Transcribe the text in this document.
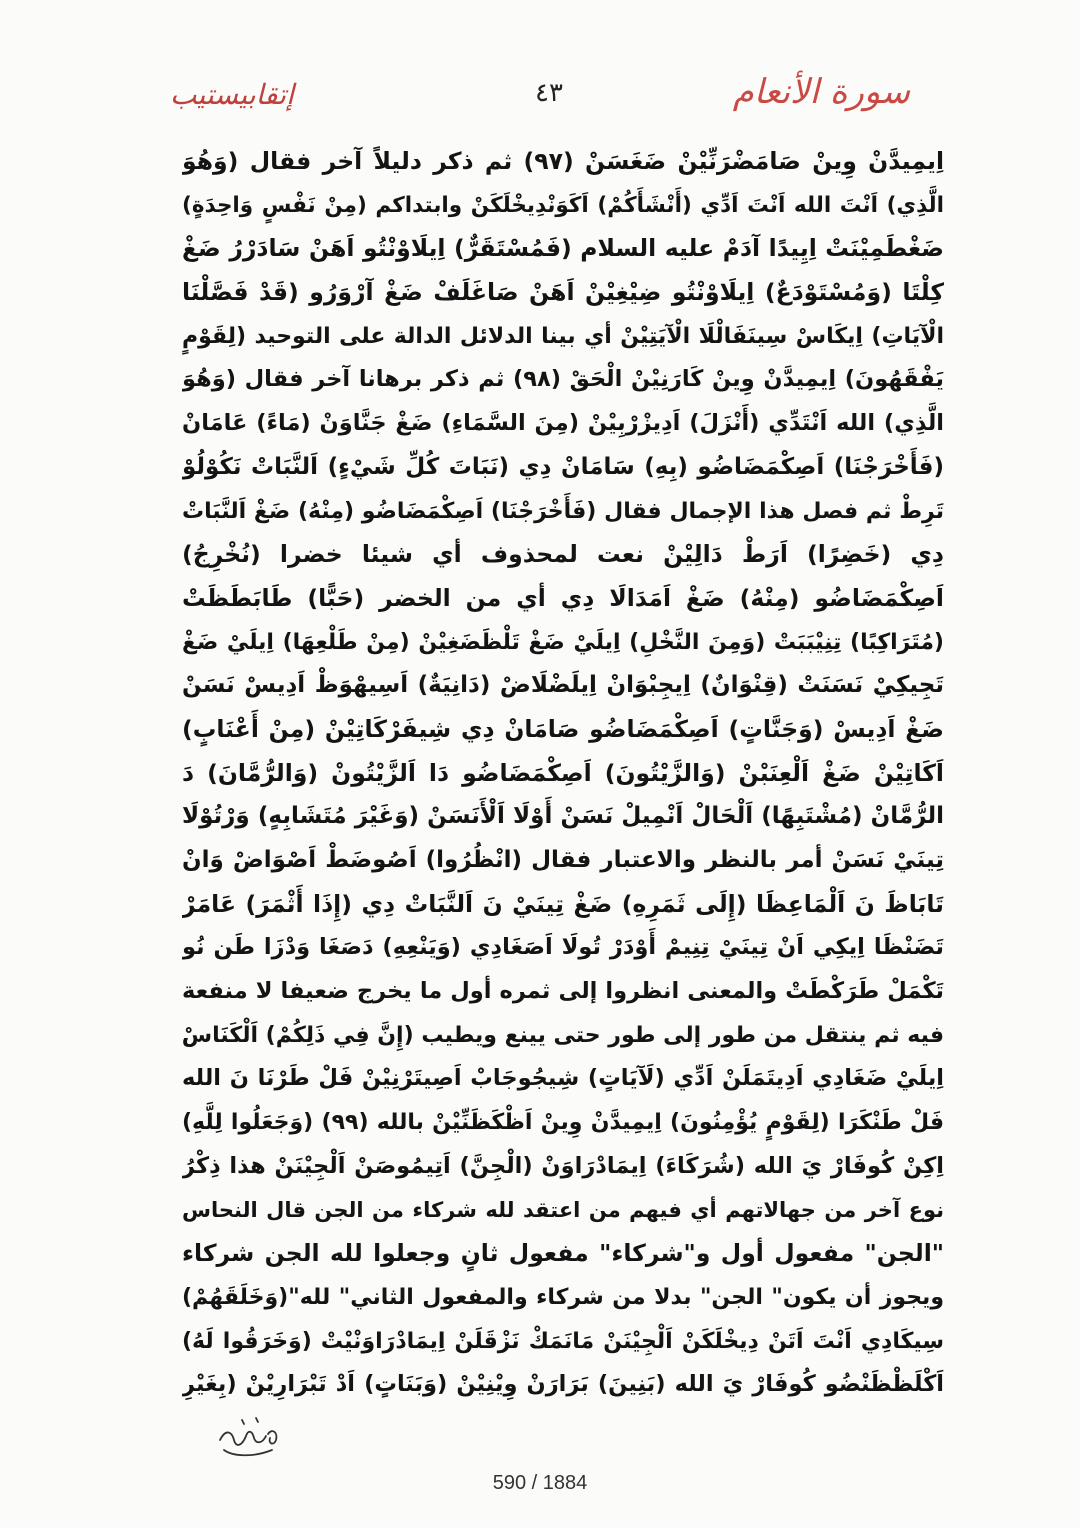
إتقابيستيب	٤٣	سورة الأنعام
اِيمِيدَّنْ وِينْ صَامَضْرَنِّيْنْ ضَغَسَنْ (٩٧) ثم ذكر دليلاً آخر فقال (وَهُوَ
الَّذِي) اَنْتَ الله اَنْتَ اَدِّي (أَنْشَأَكُمْ) اَكَوَنْدِيخْلَكَنْ وابتداكم (مِنْ نَفْسٍ وَاحِدَةٍ)
ضَغْطَمِيْنَتْ اِيِيدًا آدَمْ عليه السلام (فَمُسْتَقَرٌّ) اِيلَاوْنْتُو اَهَنْ سَادَرْرُ ضَغْ
كِلْتَا (وَمُسْتَوْدَعٌ) اِيلَاوْنْتُو ضِيْغِيْنْ اَهَنْ صَاغَلَفْ ضَغْ آرْوَرُو (قَدْ فَصَّلْنَا
الْآيَاتِ) اِيكَاسْ سِينَفَالْلَا الْآيَتِيْنْ أي بينا الدلائل الدالة على التوحيد (لِقَوْمٍ
يَفْقَهُونَ) اِيمِيدَّنْ وِينْ كَارَنِيْنْ الْحَقْ (٩٨) ثم ذكر برهانا آخر فقال (وَهُوَ
الَّذِي) الله اَنْتَدِّي (أَنْزَلَ) اَدِيزْرْبِيْنْ (مِنَ السَّمَاءِ) ضَغْ جَنَّاوَنْ (مَاءً) عَامَانْ
(فَأَخْرَجْنَا) اَصِكْمَضَاضُو (بِهِ) سَامَانْ دِي (نَبَاتَ كُلِّ شَيْءٍ) اَلنَّبَاتْ نَكُوْلُوْ
تَرِطْ ثم فصل هذا الإجمال فقال (فَأَخْرَجْنَا) اَصِكْمَضَاضُو (مِنْهُ) ضَغْ اَلنَّبَاتْ
دِي (خَضِرًا) اَرَطْ دَالِيْنْ نعت لمحذوف أي شيئا خضرا (نُخْرِجُ)
اَصِكْمَضَاضُو (مِنْهُ) ضَغْ اَمَدَالَا دِي أي من الخضر (حَبًّا) طَابَطَظَتْ
(مُتَرَاكِبًا) تِنِيْبَبَتْ (وَمِنَ النَّخْلِ) اِيلَيْ ضَغْ تَلْظَضَغِيْنْ (مِنْ طَلْعِهَا) اِيلَيْ ضَغْ
تَجِيكِيْ نَسَنَتْ (قِنْوَانٌ) اِيجِبْوَانْ اِيلَضْلَاضْ (دَانِيَةٌ) اَسِيهْوَظْ اَدِيسْ نَسَنْ
ضَغْ اَدِيسْ (وَجَنَّاتٍ) اَصِكْمَضَاضُو صَامَانْ دِي شِيفَرْكَاتِيْنْ (مِنْ أَعْنَابٍ)
اَكَاتِيْنْ ضَغْ اَلْعِنَبْنْ (وَالزَّيْتُونَ) اَصِكْمَضَاضُو دَا اَلزَّيْتُونْ (وَالرُّمَّانَ) دَ
الرُّمَّانْ (مُشْتَبِهًا) اَلْحَالْ اَنْمِيلْ نَسَنْ أَوْلَا اَلْأَنَسَنْ (وَغَيْرَ مُتَشَابِهٍ) وَرْتُوْلَا
تِينَيْ نَسَنْ أمر بالنظر والاعتبار فقال (انْظُرُوا) اَصُوضَطْ اَصْوَاضْ وَانْ
تَابَاظَ نَ اَلْمَاعِظَا (إِلَى ثَمَرِهِ) ضَغْ تِينَيْ نَ اَلنَّبَاتْ دِي (إِذَا أَثْمَرَ) عَامَرْ
تَضَنْظَا اِيكِي اَنْ تِينَيْ تِنِيمْ أَوْدَرْ تُولَا اَصَغَادِي (وَيَنْعِهِ) دَصَغَا وَدْزَا طَن نُو
تَكْمَلْ طَرَكْطَتْ والمعنى انظروا إلى ثمره أول ما يخرج ضعيفا لا منفعة
فيه ثم ينتقل من طور إلى طور حتى يينع ويطيب (إِنَّ فِي ذَلِكُمْ) اَلْكَنَاسْ
اِيلَيْ ضَغَادِي اَدِيتَمَلَنْ اَدِّي (لَآيَاتٍ) شِيجُوجَابْ اَصِيتَرْنِيْنْ فَلْ طَرْنَا نَ الله
فَلْ طَنْكَرَا (لِقَوْمٍ يُؤْمِنُونَ) اِيمِيدَّنْ وِينْ اَظْكَظَنِّيْنْ بالله (٩٩) (وَجَعَلُوا لِلَّهِ)
اِكِنْ كُوفَارْ يَ الله (شُرَكَاءَ) اِيمَادْرَاوَنْ (الْجِنَّ) اَتِيمُوصَنْ اَلْجِيْنَنْ هذا ذِكْرُ
نوع آخر من جهالاتهم أي فيهم من اعتقد لله شركاء من الجن قال النحاس
"الجن" مفعول أول و"شركاء" مفعول ثانٍ وجعلوا لله الجن شركاء
ويجوز أن يكون" الجن" بدلا من شركاء والمفعول الثاني" لله"(وَخَلَقَهُمْ)
سِيكَادِي اَنْتَ اَتَنْ دِيخْلَكَنْ اَلْجِيْنَنْ مَانَمَكْ نَزْقَلَنْ اِيمَادْرَاوَنْيْتْ (وَخَرَقُوا لَهُ)
اَكْلَظْظَنْضُو كُوفَارْ يَ الله (بَنِينَ) بَرَارَنْ وِيْنِيْنْ (وَبَنَاتٍ) اَدْ تَبْرَارِيْنْ (بِغَيْرِ
590 / 1884
